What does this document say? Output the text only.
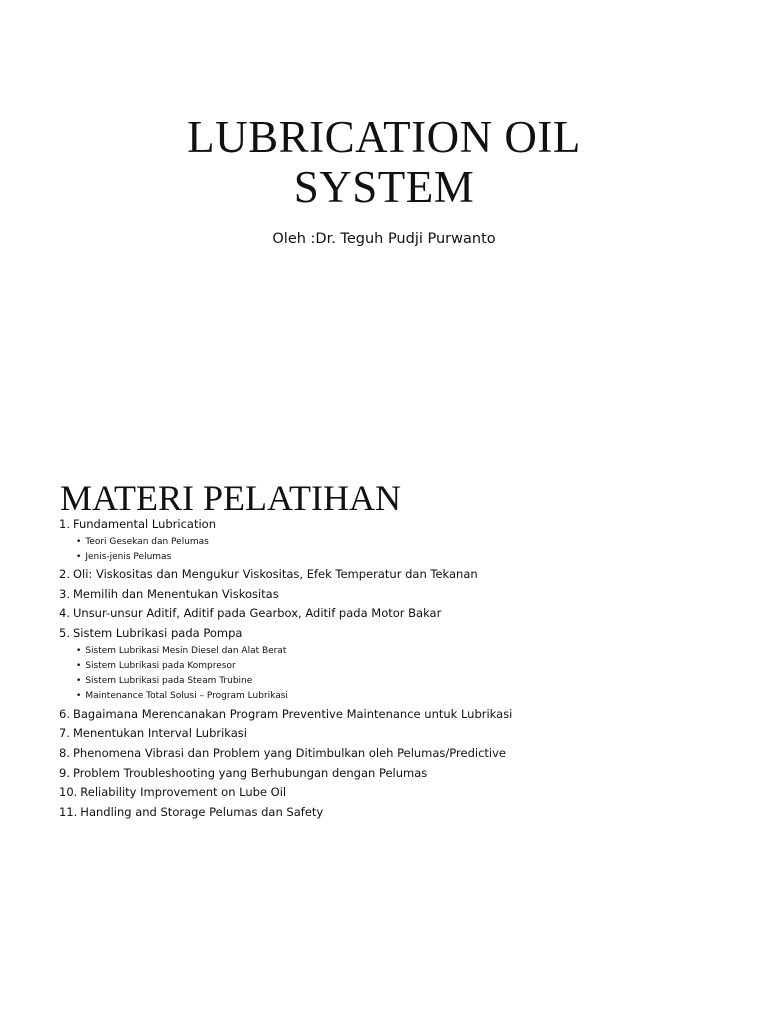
LUBRICATION OIL
SYSTEM

Oleh :Dr. Teguh Pudji Purwanto

MATERI PELATIHAN
1. Fundamental Lubrication
• Teori Gesekan dan Pelumas
• Jenis-jenis Pelumas
2. Oli: Viskositas dan Mengukur Viskositas, Efek Temperatur dan Tekanan
3. Memilih dan Menentukan Viskositas
4. Unsur-unsur Aditif, Aditif pada Gearbox, Aditif pada Motor Bakar
5. Sistem Lubrikasi pada Pompa
• Sistem Lubrikasi Mesin Diesel dan Alat Berat
• Sistem Lubrikasi pada Kompresor
• Sistem Lubrikasi pada Steam Trubine
• Maintenance Total Solusi – Program Lubrikasi
6. Bagaimana Merencanakan Program Preventive Maintenance untuk Lubrikasi
7. Menentukan Interval Lubrikasi
8. Phenomena Vibrasi dan Problem yang Ditimbulkan oleh Pelumas/Predictive
9. Problem Troubleshooting yang Berhubungan dengan Pelumas
10. Reliability Improvement on Lube Oil
11. Handling and Storage Pelumas dan Safety
